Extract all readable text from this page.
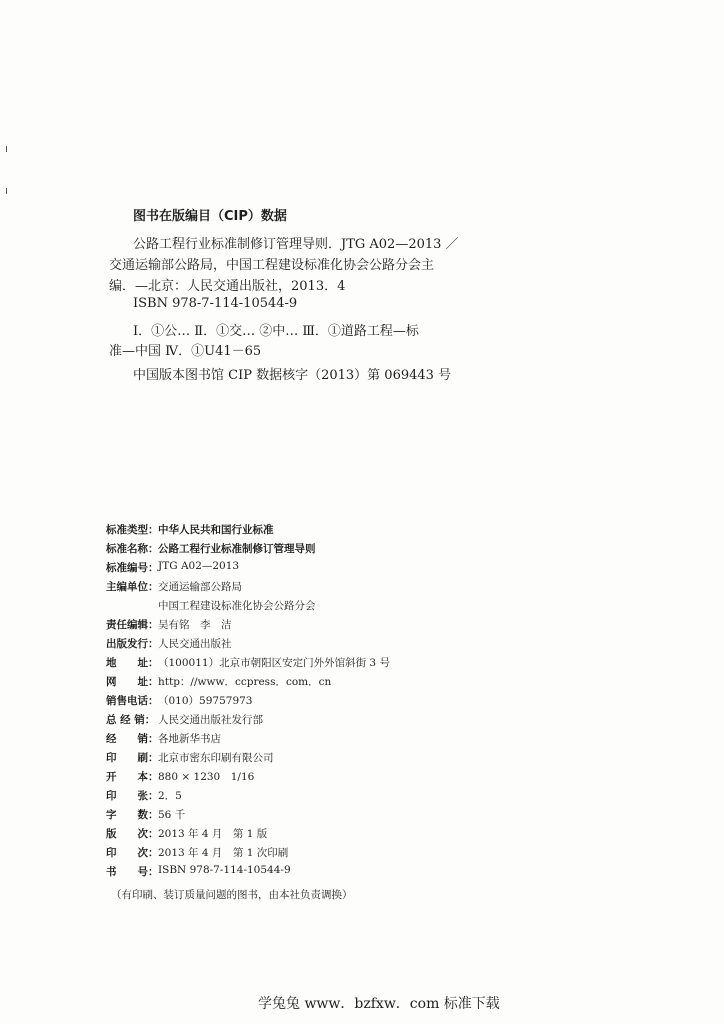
图书在版编目（CIP）数据
公路工程行业标准制修订管理导则．JTG A02—2013 ／
交通运输部公路局，中国工程建设标准化协会公路分会主
编．—北京：人民交通出版社，2013．4
ISBN 978-7-114-10544-9
Ⅰ．①公… Ⅱ．①交… ②中… Ⅲ．①道路工程—标
准—中国 Ⅳ．①U41－65
中国版本图书馆 CIP 数据核字（2013）第 069443 号
标准类型： 中华人民共和国行业标准
标准名称： 公路工程行业标准制修订管理导则
标准编号： JTG A02—2013
主编单位： 交通运输部公路局
中国工程建设标准化协会公路分会
责任编辑： 吴有铭　李　洁
出版发行： 人民交通出版社
地　　址： （100011）北京市朝阳区安定门外外馆斜街 3 号
网　　址： http：//www．ccpress．com．cn
销售电话： （010）59757973
总 经 销： 人民交通出版社发行部
经　　销： 各地新华书店
印　　刷： 北京市密东印刷有限公司
开　　本： 880 × 1230　1/16
印　　张： 2．5
字　　数： 56 千
版　　次： 2013 年 4 月　第 1 版
印　　次： 2013 年 4 月　第 1 次印刷
书　　号： ISBN 978-7-114-10544-9
（有印刷、装订质量问题的图书，由本社负责调换）
学兔兔 www．bzfxw．com 标准下载
